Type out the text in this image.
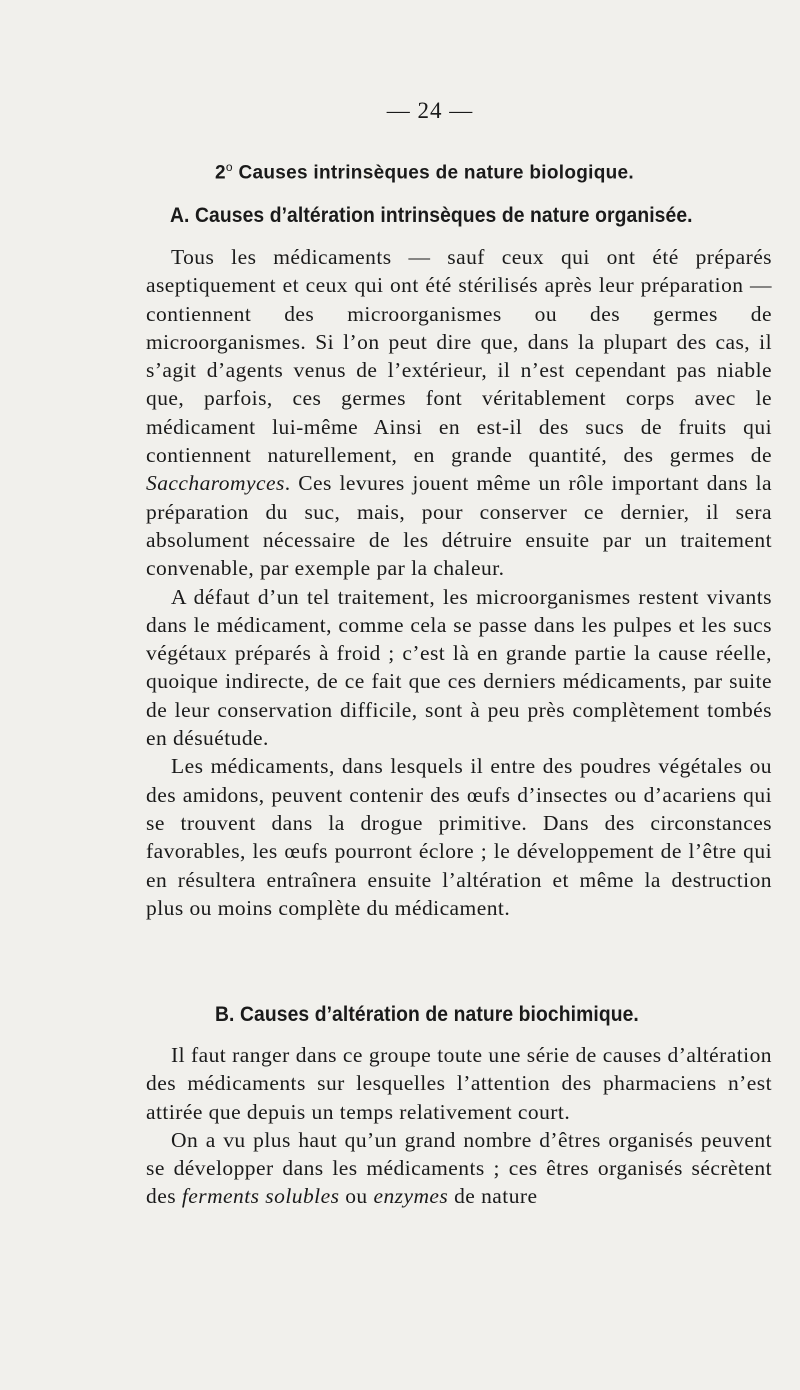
— 24 —
2$^o$ Causes intrinsèques de nature biologique.
A. Causes d’altération intrinsèques de nature organisée.

Tous les médicaments — sauf ceux qui ont été préparés aseptiquement et ceux qui ont été stérilisés après leur préparation — contiennent des microorganismes ou des germes de microorganismes. Si l’on peut dire que, dans la plupart des cas, il s’agit d’agents venus de l’extérieur, il n’est cependant pas niable que, parfois, ces germes font véritablement corps avec le médicament lui-même Ainsi en est-il des sucs de fruits qui contiennent naturellement, en grande quantité, des germes de Saccharomyces. Ces levures jouent même un rôle important dans la préparation du suc, mais, pour conserver ce dernier, il sera absolument nécessaire de les détruire ensuite par un traitement convenable, par exemple par la chaleur.

A défaut d’un tel traitement, les microorganismes restent vivants dans le médicament, comme cela se passe dans les pulpes et les sucs végétaux préparés à froid ; c’est là en grande partie la cause réelle, quoique indirecte, de ce fait que ces derniers médicaments, par suite de leur conservation difficile, sont à peu près complètement tombés en désuétude.

Les médicaments, dans lesquels il entre des poudres végétales ou des amidons, peuvent contenir des œufs d’insectes ou d’acariens qui se trouvent dans la drogue primitive. Dans des circonstances favorables, les œufs pourront éclore ; le développement de l’être qui en résultera entraînera ensuite l’altération et même la destruction plus ou moins complète du médicament.

B. Causes d’altération de nature biochimique.

Il faut ranger dans ce groupe toute une série de causes d’altération des médicaments sur lesquelles l’attention des pharmaciens n’est attirée que depuis un temps relativement court.

On a vu plus haut qu’un grand nombre d’êtres organisés peuvent se développer dans les médicaments ; ces êtres organisés sécrètent des ferments solubles ou enzymes de nature
